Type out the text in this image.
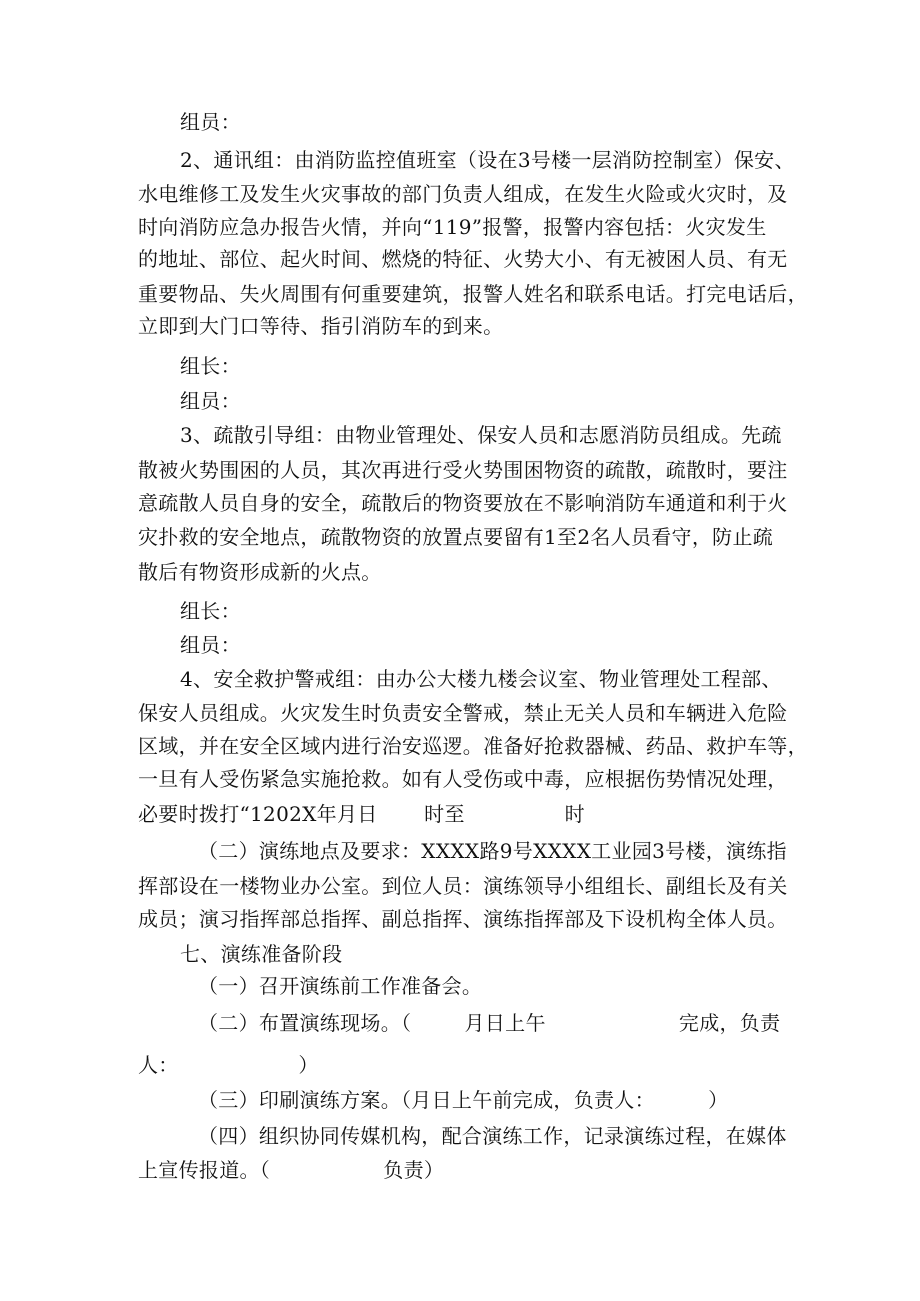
组员：
2、通讯组：由消防监控值班室（设在3号楼一层消防控制室）保安、
水电维修工及发生火灾事故的部门负责人组成，在发生火险或火灾时，及
时向消防应急办报告火情，并向“119”报警，报警内容包括：火灾发生
的地址、部位、起火时间、燃烧的特征、火势大小、有无被困人员、有无
重要物品、失火周围有何重要建筑，报警人姓名和联系电话。打完电话后，
立即到大门口等待、指引消防车的到来。
组长：
组员：
3、疏散引导组：由物业管理处、保安人员和志愿消防员组成。先疏
散被火势围困的人员，其次再进行受火势围困物资的疏散，疏散时，要注
意疏散人员自身的安全，疏散后的物资要放在不影响消防车通道和利于火
灾扑救的安全地点，疏散物资的放置点要留有1至2名人员看守，防止疏
散后有物资形成新的火点。
组长：
组员：
4、安全救护警戒组：由办公大楼九楼会议室、物业管理处工程部、
保安人员组成。火灾发生时负责安全警戒，禁止无关人员和车辆进入危险
区域，并在安全区域内进行治安巡逻。准备好抢救器械、药品、救护车等，
一旦有人受伤紧急实施抢救。如有人受伤或中毒，应根据伤势情况处理，
必要时拨打“1202X年月日       时至               时
（二）演练地点及要求：XXXX路9号XXXX工业园3号楼，演练指
挥部设在一楼物业办公室。到位人员：演练领导小组组长、副组长及有关
成员；演习指挥部总指挥、副总指挥、演练指挥部及下设机构全体人员。
七、演练准备阶段
（一）召开演练前工作准备会。
（二）布置演练现场。（        月日上午                    完成，负责
人：                  ）
（三）印刷演练方案。（月日上午前完成，负责人：        ）
（四）组织协同传媒机构，配合演练工作，记录演练过程，在媒体
上宣传报道。（                 负责）
